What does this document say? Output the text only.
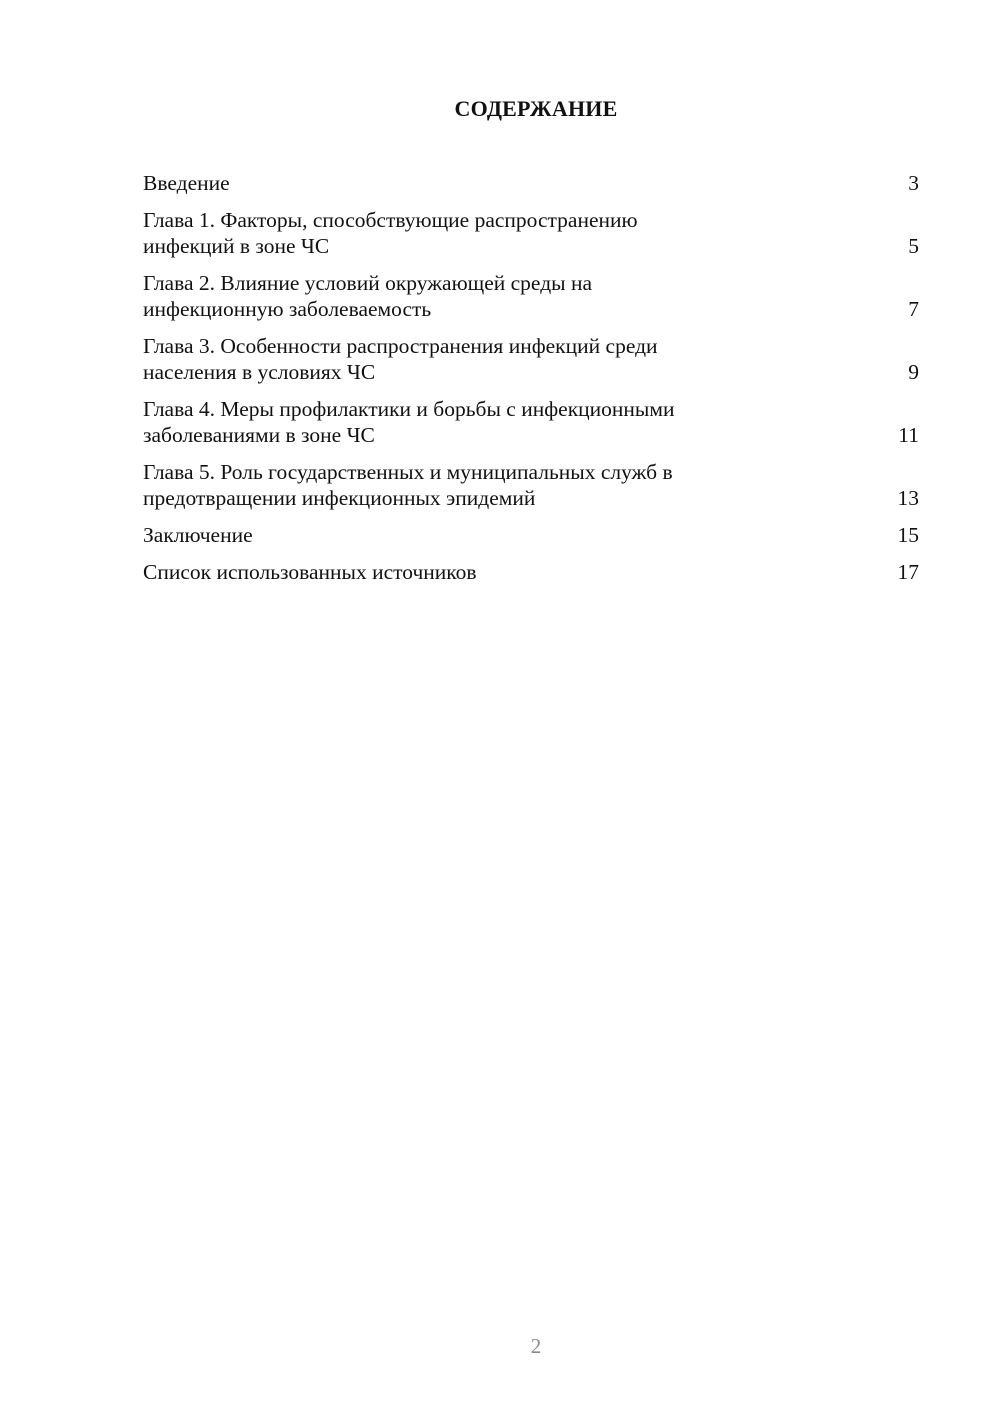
СОДЕРЖАНИЕ
Введение	3
Глава 1. Факторы, способствующие распространению
инфекций в зоне ЧС	5
Глава 2. Влияние условий окружающей среды на
инфекционную заболеваемость	7
Глава 3. Особенности распространения инфекций среди
населения в условиях ЧС	9
Глава 4. Меры профилактики и борьбы с инфекционными
заболеваниями в зоне ЧС	11
Глава 5. Роль государственных и муниципальных служб в
предотвращении инфекционных эпидемий	13
Заключение	15
Список использованных источников	17
2
